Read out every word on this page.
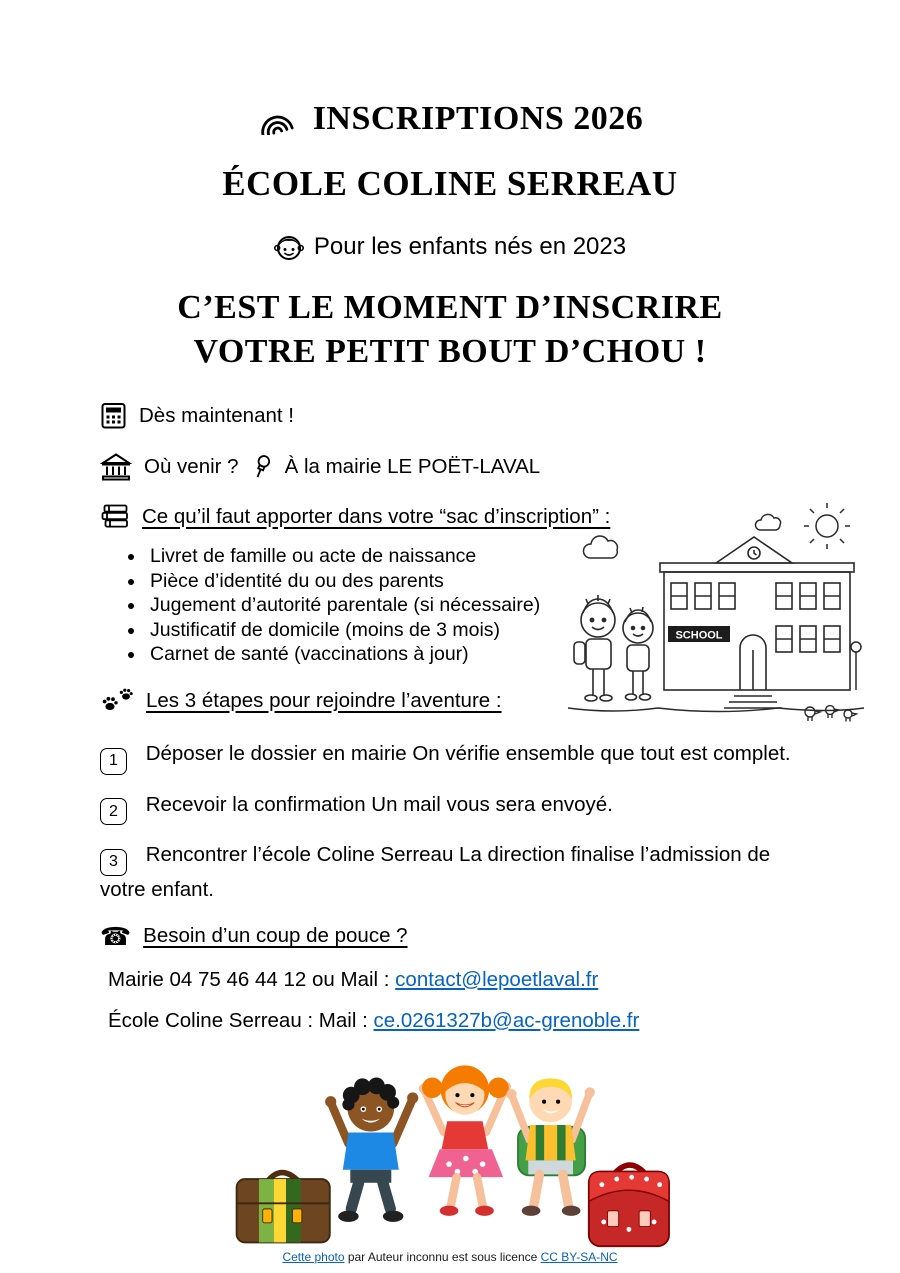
INSCRIPTIONS 2026
ÉCOLE COLINE SERREAU
Pour les enfants nés en 2023
C’EST LE MOMENT D’INSCRIRE
VOTRE PETIT BOUT D’CHOU !
Dès maintenant !
Où venir ? À la mairie LE POËT-LAVAL
Ce qu’il faut apporter dans votre “sac d’inscription” :
• Livret de famille ou acte de naissance
• Pièce d’identité du ou des parents
• Jugement d’autorité parentale (si nécessaire)
• Justificatif de domicile (moins de 3 mois)
• Carnet de santé (vaccinations à jour)
Les 3 étapes pour rejoindre l’aventure :
1 Déposer le dossier en mairie On vérifie ensemble que tout est complet.
2 Recevoir la confirmation Un mail vous sera envoyé.
3 Rencontrer l’école Coline Serreau La direction finalise l’admission de votre enfant.
☎ Besoin d’un coup de pouce ?
Mairie 04 75 46 44 12 ou Mail : contact@lepoetlaval.fr
École Coline Serreau : Mail : ce.0261327b@ac-grenoble.fr
SCHOOL
Cette photo par Auteur inconnu est sous licence CC BY-SA-NC
